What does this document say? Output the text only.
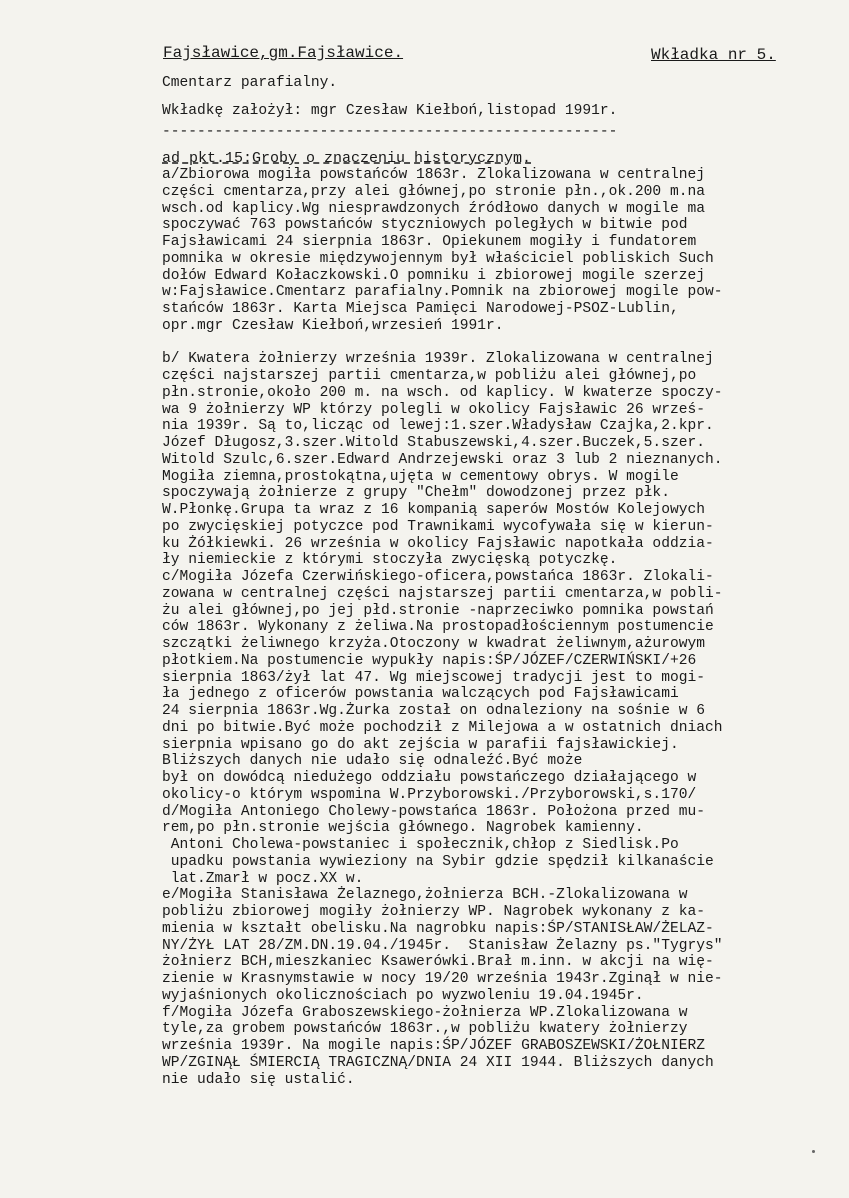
Fajsławice,gm.Fajsławice.	Wkładka nr 5.
Cmentarz parafialny.
Wkładkę założył: mgr Czesław Kiełboń,listopad 1991r.
----------------------------------------------------
ad pkt.15:Groby o znaczeniu historycznym.
a/Zbiorowa mogiła powstańców 1863r. Zlokalizowana w centralnej
części cmentarza,przy alei głównej,po stronie płn.,ok.200 m.na
wsch.od kaplicy.Wg niesprawdzonych źródłowo danych w mogile ma
spoczywać 763 powstańców styczniowych poległych w bitwie pod
Fajsławicami 24 sierpnia 1863r. Opiekunem mogiły i fundatorem
pomnika w okresie międzywojennym był właściciel pobliskich Such
dołów Edward Kołaczkowski.O pomniku i zbiorowej mogile szerzej
w:Fajsławice.Cmentarz parafialny.Pomnik na zbiorowej mogile pow-
stańców 1863r. Karta Miejsca Pamięci Narodowej-PSOZ-Lublin,
opr.mgr Czesław Kiełboń,wrzesień 1991r.
b/ Kwatera żołnierzy września 1939r. Zlokalizowana w centralnej
części najstarszej partii cmentarza,w pobliżu alei głównej,po
płn.stronie,około 200 m. na wsch. od kaplicy. W kwaterze spoczy-
wa 9 żołnierzy WP którzy polegli w okolicy Fajsławic 26 wrześ-
nia 1939r. Są to,licząc od lewej:1.szer.Władysław Czajka,2.kpr.
Józef Długosz,3.szer.Witold Stabuszewski,4.szer.Buczek,5.szer.
Witold Szulc,6.szer.Edward Andrzejewski oraz 3 lub 2 nieznanych.
Mogiła ziemna,prostokątna,ujęta w cementowy obrys. W mogile
spoczywają żołnierze z grupy "Chełm" dowodzonej przez płk.
W.Płonkę.Grupa ta wraz z 16 kompanią saperów Mostów Kolejowych
po zwycięskiej potyczce pod Trawnikami wycofywała się w kierun-
ku Żółkiewki. 26 września w okolicy Fajsławic napotkała oddzia-
ły niemieckie z którymi stoczyła zwycięską potyczkę.
c/Mogiła Józefa Czerwińskiego-oficera,powstańca 1863r. Zlokali-
zowana w centralnej części najstarszej partii cmentarza,w pobli-
żu alei głównej,po jej płd.stronie -naprzeciwko pomnika powstań
ców 1863r. Wykonany z żeliwa.Na prostopadłościennym postumencie
szczątki żeliwnego krzyża.Otoczony w kwadrat żeliwnym,ażurowym
płotkiem.Na postumencie wypukły napis:ŚP/JÓZEF/CZERWIŃSKI/+26
sierpnia 1863/żył lat 47. Wg miejscowej tradycji jest to mogi-
ła jednego z oficerów powstania walczących pod Fajsławicami
24 sierpnia 1863r.Wg.Żurka został on odnaleziony na sośnie w 6
dni po bitwie.Być może pochodził z Milejowa a w ostatnich dniach
sierpnia wpisano go do akt zejścia w parafii fajsławickiej.
Bliższych danych nie udało się odnaleźć.Być może
był on dowódcą niedużego oddziału powstańczego działającego w
okolicy-o którym wspomina W.Przyborowski./Przyborowski,s.170/
d/Mogiła Antoniego Cholewy-powstańca 1863r. Położona przed mu-
rem,po płn.stronie wejścia głównego. Nagrobek kamienny.
Antoni Cholewa-powstaniec i społecznik,chłop z Siedlisk.Po
upadku powstania wywieziony na Sybir gdzie spędził kilkanaście
lat.Zmarł w pocz.XX w.
e/Mogiła Stanisława Żelaznego,żołnierza BCH.-Zlokalizowana w
pobliżu zbiorowej mogiły żołnierzy WP. Nagrobek wykonany z ka-
mienia w kształt obelisku.Na nagrobku napis:ŚP/STANISŁAW/ŻELAZ-
NY/ŻYŁ LAT 28/ZM.DN.19.04./1945r.  Stanisław Żelazny ps."Tygrys"
żołnierz BCH,mieszkaniec Ksawerówki.Brał m.inn. w akcji na wię-
zienie w Krasnymstawie w nocy 19/20 września 1943r.Zginął w nie-
wyjaśnionych okolicznościach po wyzwoleniu 19.04.1945r.
f/Mogiła Józefa Graboszewskiego-żołnierza WP.Zlokalizowana w
tyle,za grobem powstańców 1863r.,w pobliżu kwatery żołnierzy
września 1939r. Na mogile napis:ŚP/JÓZEF GRABOSZEWSKI/ŻOŁNIERZ
WP/ZGINĄŁ ŚMIERCIĄ TRAGICZNĄ/DNIA 24 XII 1944. Bliższych danych
nie udało się ustalić.
